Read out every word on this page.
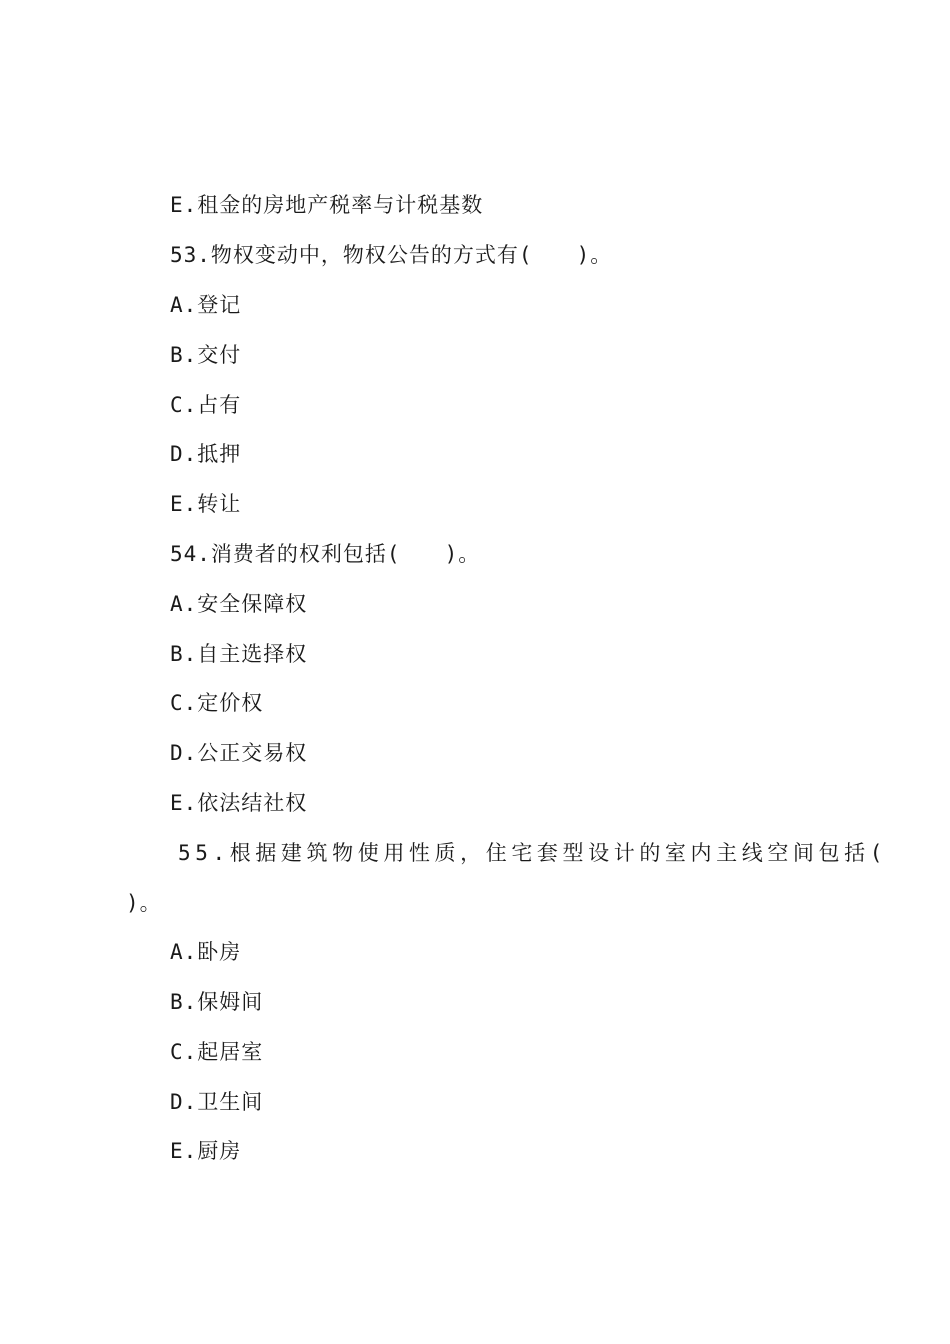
E.租金的房地产税率与计税基数
53.物权变动中，物权公告的方式有(　　)。
A.登记
B.交付
C.占有
D.抵押
E.转让
54.消费者的权利包括(　　)。
A.安全保障权
B.自主选择权
C.定价权
D.公正交易权
E.依法结社权
55.根据建筑物使用性质，住宅套型设计的室内主线空间包括(
)。
A.卧房
B.保姆间
C.起居室
D.卫生间
E.厨房
